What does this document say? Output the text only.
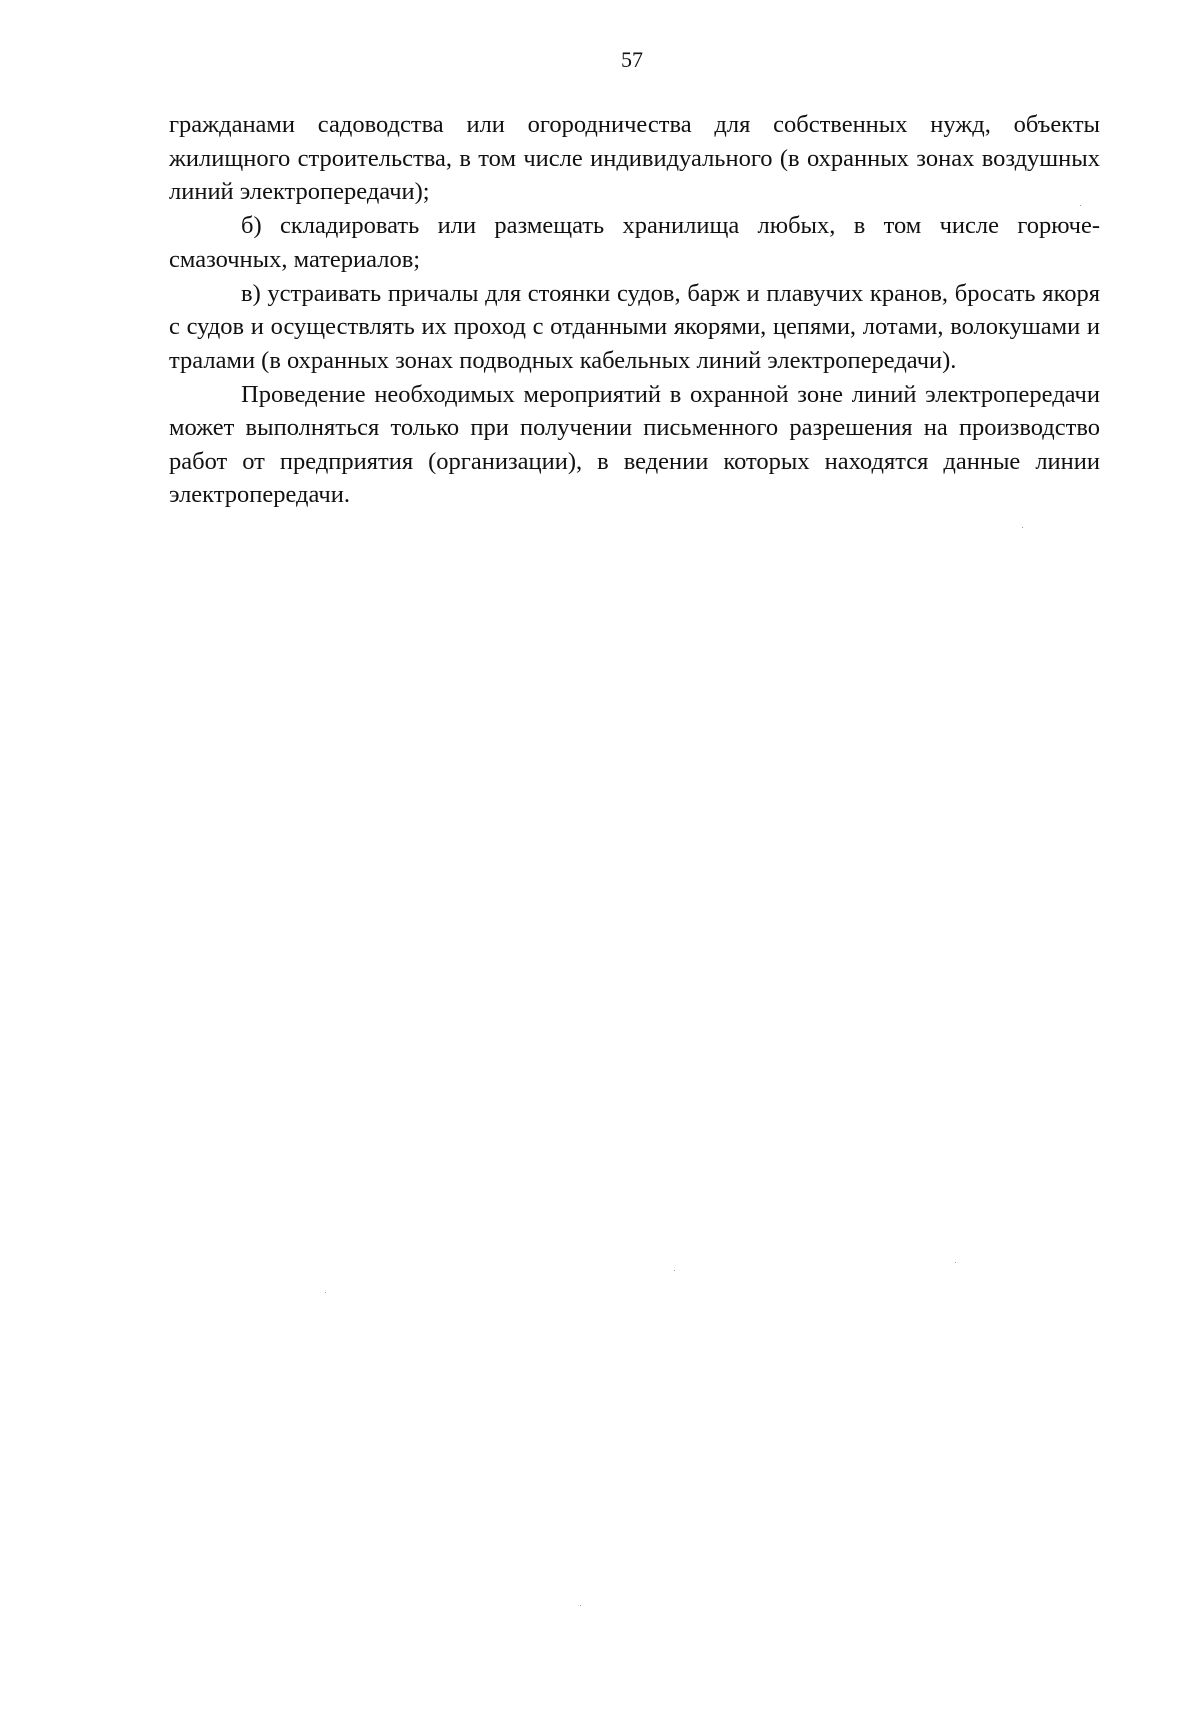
57

гражданами садоводства или огородничества для собственных нужд, объекты жилищного строительства, в том числе индивидуального (в охранных зонах воздушных линий электропередачи);

б) складировать или размещать хранилища любых, в том числе горюче-смазочных, материалов;

в) устраивать причалы для стоянки судов, барж и плавучих кранов, бросать якоря с судов и осуществлять их проход с отданными якорями, цепями, лотами, волокушами и тралами (в охранных зонах подводных кабельных линий электропередачи).

Проведение необходимых мероприятий в охранной зоне линий электропередачи может выполняться только при получении письменного разрешения на производство работ от предприятия (организации), в ведении которых находятся данные линии электропередачи.
